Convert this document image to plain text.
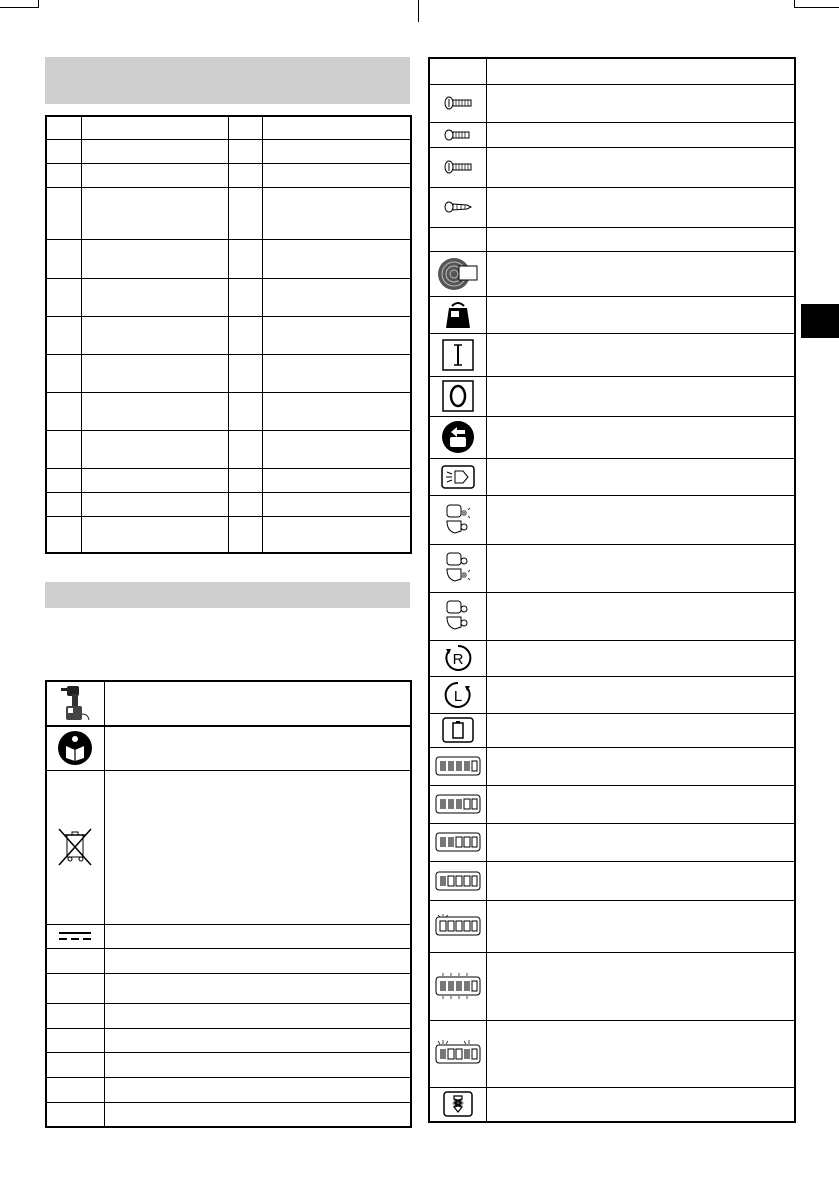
R	

L	
